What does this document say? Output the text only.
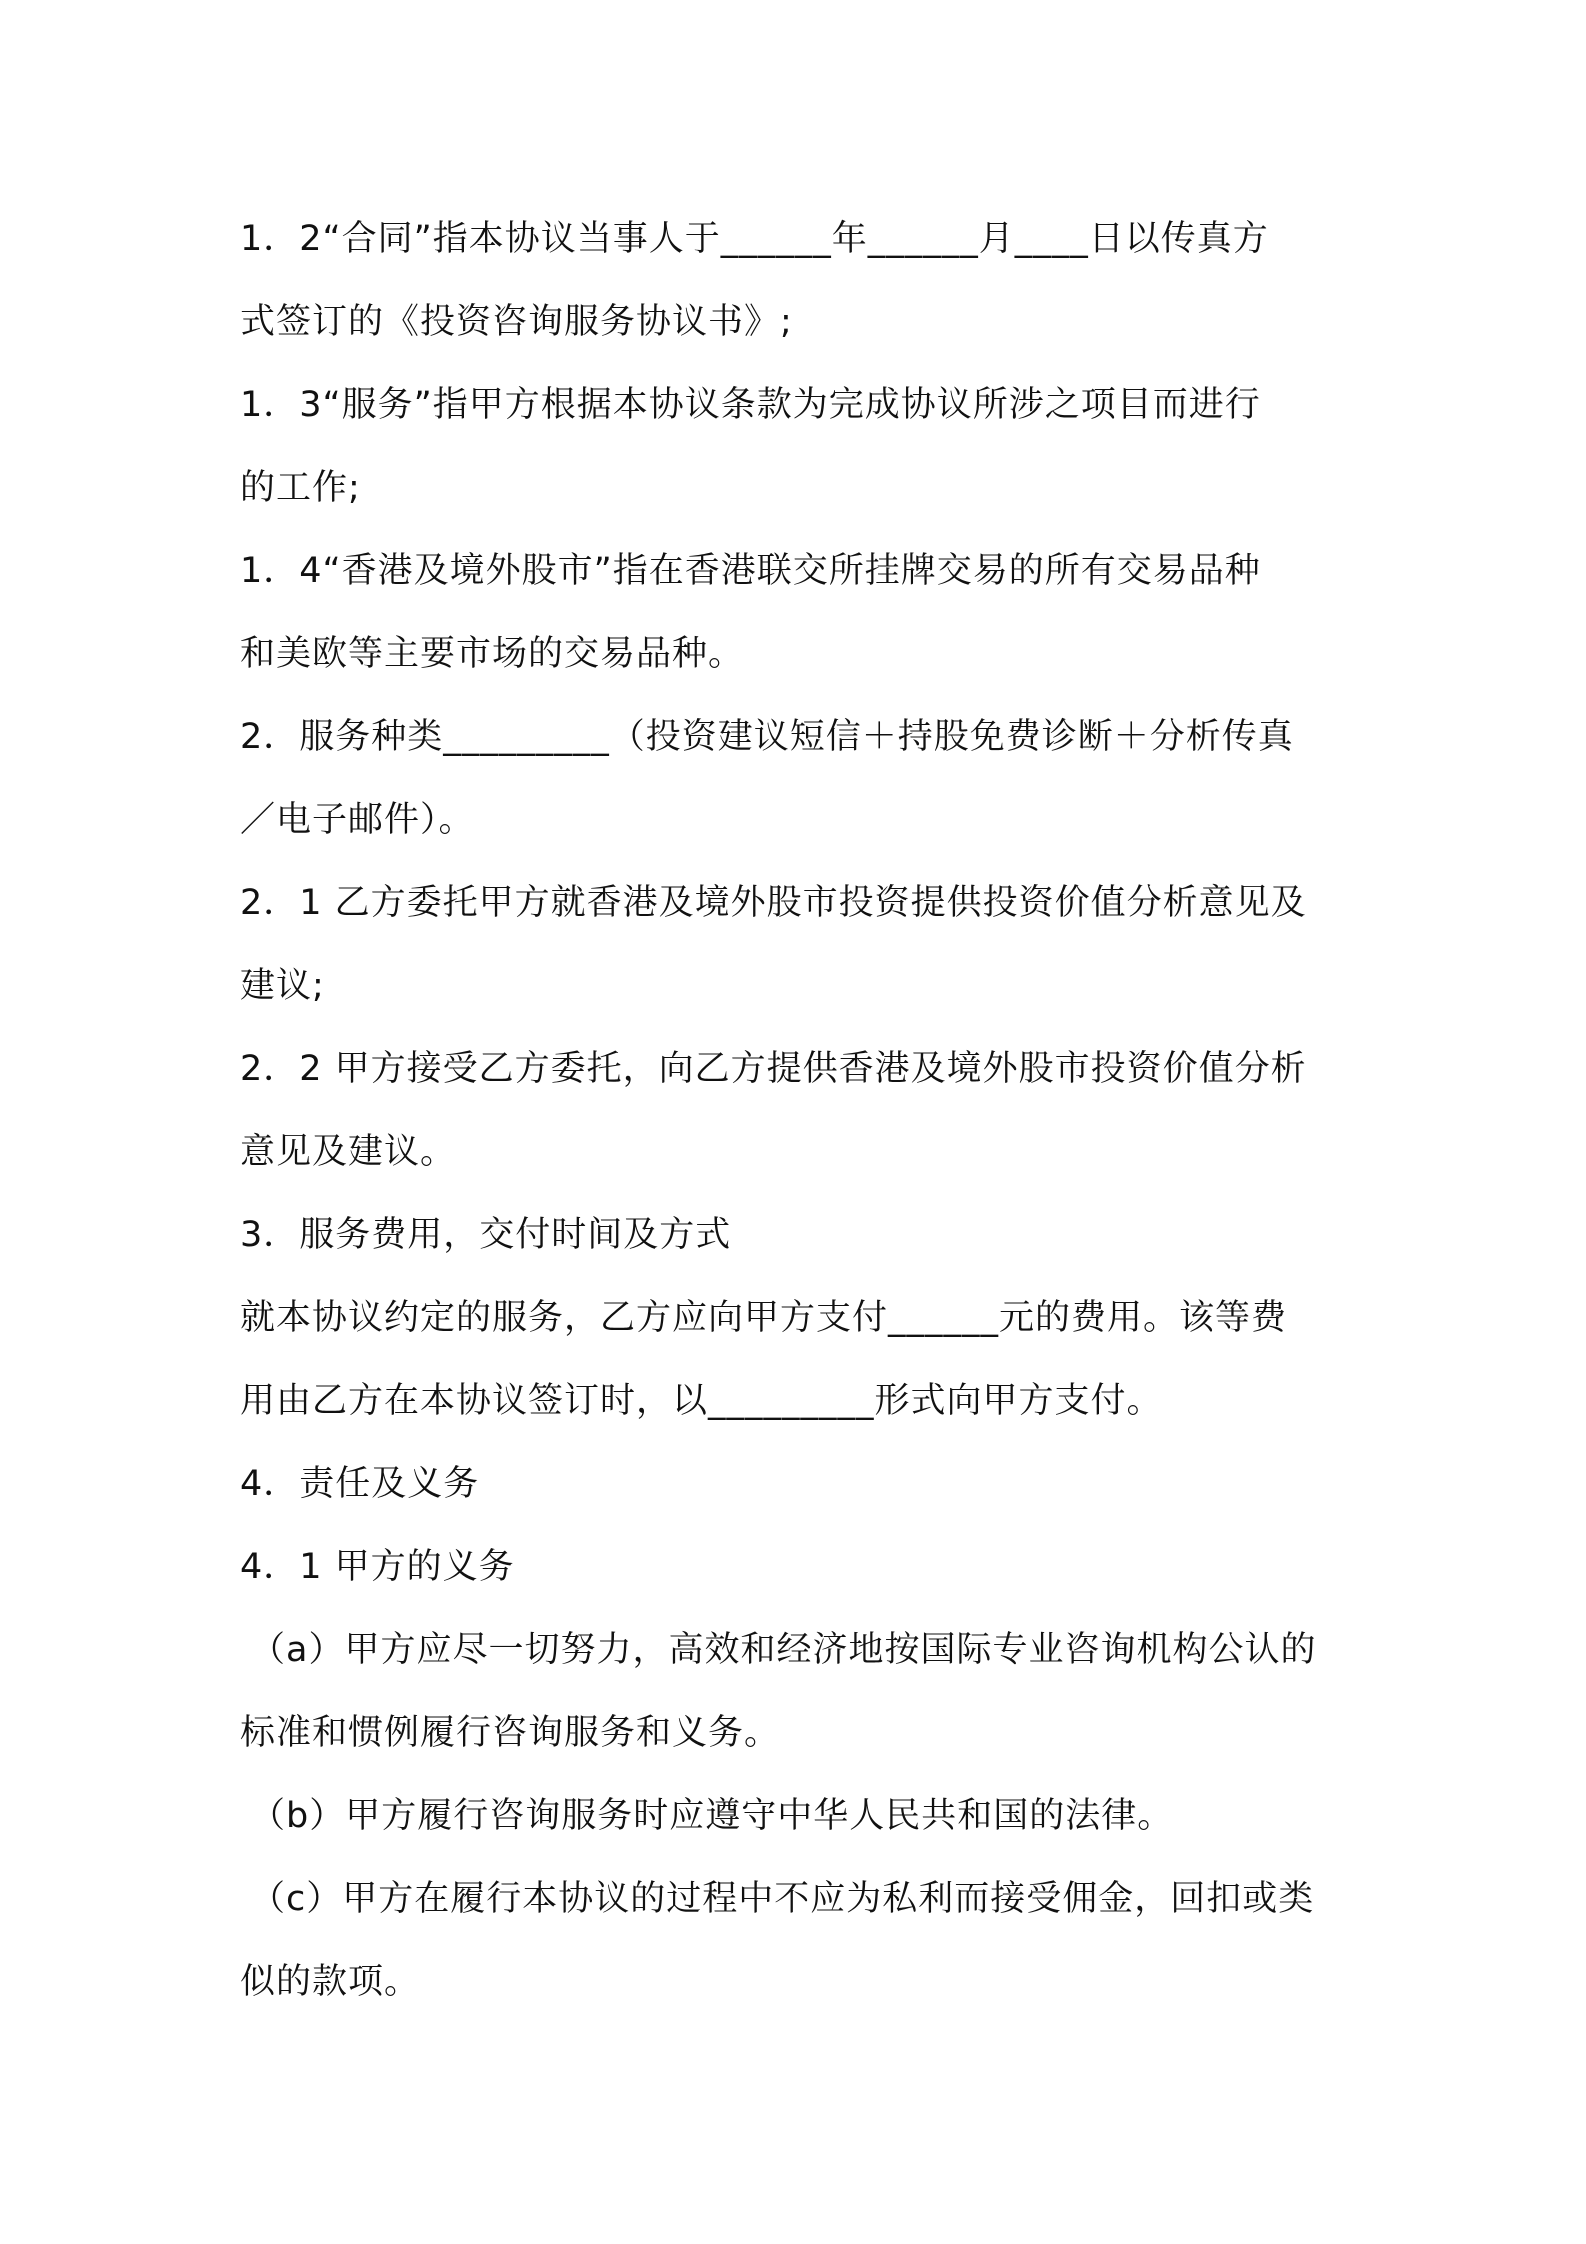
1．2“合同”指本协议当事人于______年______月____日以传真方
式签订的《投资咨询服务协议书》;
1．3“服务”指甲方根据本协议条款为完成协议所涉之项目而进行
的工作;
1．4“香港及境外股市”指在香港联交所挂牌交易的所有交易品种
和美欧等主要市场的交易品种。
2．服务种类_________（投资建议短信＋持股免费诊断＋分析传真
／电子邮件）。
2．1 乙方委托甲方就香港及境外股市投资提供投资价值分析意见及
建议;
2．2 甲方接受乙方委托，向乙方提供香港及境外股市投资价值分析
意见及建议。
3．服务费用，交付时间及方式
就本协议约定的服务，乙方应向甲方支付______元的费用。该等费
用由乙方在本协议签订时，以_________形式向甲方支付。
4．责任及义务
4．1 甲方的义务
（a）甲方应尽一切努力，高效和经济地按国际专业咨询机构公认的
标准和惯例履行咨询服务和义务。
（b）甲方履行咨询服务时应遵守中华人民共和国的法律。
（c）甲方在履行本协议的过程中不应为私利而接受佣金，回扣或类
似的款项。
